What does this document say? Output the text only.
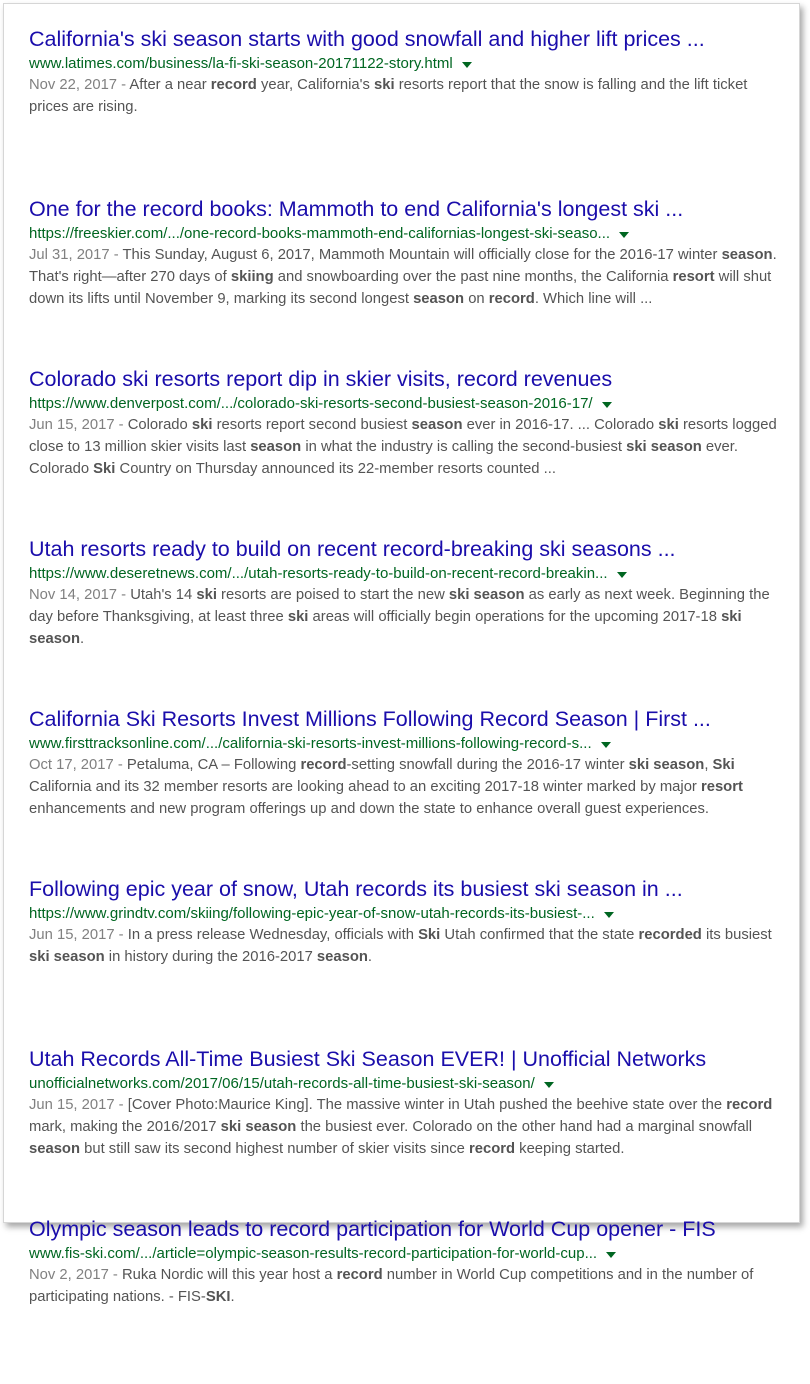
California's ski season starts with good snowfall and higher lift prices ...
www.latimes.com/business/la-fi-ski-season-20171122-story.html

Nov 22, 2017 - After a near record year, California's ski resorts report that the snow is falling and the lift ticket prices are rising.

One for the record books: Mammoth to end California's longest ski ...
https://freeskier.com/.../one-record-books-mammoth-end-californias-longest-ski-seaso...

Jul 31, 2017 - This Sunday, August 6, 2017, Mammoth Mountain will officially close for the 2016-17 winter season. That's right—after 270 days of skiing and snowboarding over the past nine months, the California resort will shut down its lifts until November 9, marking its second longest season on record. Which line will ...

Colorado ski resorts report dip in skier visits, record revenues
https://www.denverpost.com/.../colorado-ski-resorts-second-busiest-season-2016-17/

Jun 15, 2017 - Colorado ski resorts report second busiest season ever in 2016-17. ... Colorado ski resorts logged close to 13 million skier visits last season in what the industry is calling the second-busiest ski season ever. Colorado Ski Country on Thursday announced its 22-member resorts counted ...

Utah resorts ready to build on recent record-breaking ski seasons ...
https://www.deseretnews.com/.../utah-resorts-ready-to-build-on-recent-record-breakin...

Nov 14, 2017 - Utah's 14 ski resorts are poised to start the new ski season as early as next week. Beginning the day before Thanksgiving, at least three ski areas will officially begin operations for the upcoming 2017-18 ski season.

California Ski Resorts Invest Millions Following Record Season | First ...
www.firsttracksonline.com/.../california-ski-resorts-invest-millions-following-record-s...

Oct 17, 2017 - Petaluma, CA – Following record-setting snowfall during the 2016-17 winter ski season, Ski California and its 32 member resorts are looking ahead to an exciting 2017-18 winter marked by major resort enhancements and new program offerings up and down the state to enhance overall guest experiences.

Following epic year of snow, Utah records its busiest ski season in ...
https://www.grindtv.com/skiing/following-epic-year-of-snow-utah-records-its-busiest-...

Jun 15, 2017 - In a press release Wednesday, officials with Ski Utah confirmed that the state recorded its busiest ski season in history during the 2016-2017 season.

Utah Records All-Time Busiest Ski Season EVER! | Unofficial Networks
unofficialnetworks.com/2017/06/15/utah-records-all-time-busiest-ski-season/

Jun 15, 2017 - [Cover Photo:Maurice King]. The massive winter in Utah pushed the beehive state over the record mark, making the 2016/2017 ski season the busiest ever. Colorado on the other hand had a marginal snowfall season but still saw its second highest number of skier visits since record keeping started.

Olympic season leads to record participation for World Cup opener - FIS
www.fis-ski.com/.../article=olympic-season-results-record-participation-for-world-cup...

Nov 2, 2017 - Ruka Nordic will this year host a record number in World Cup competitions and in the number of participating nations. - FIS-SKI.
